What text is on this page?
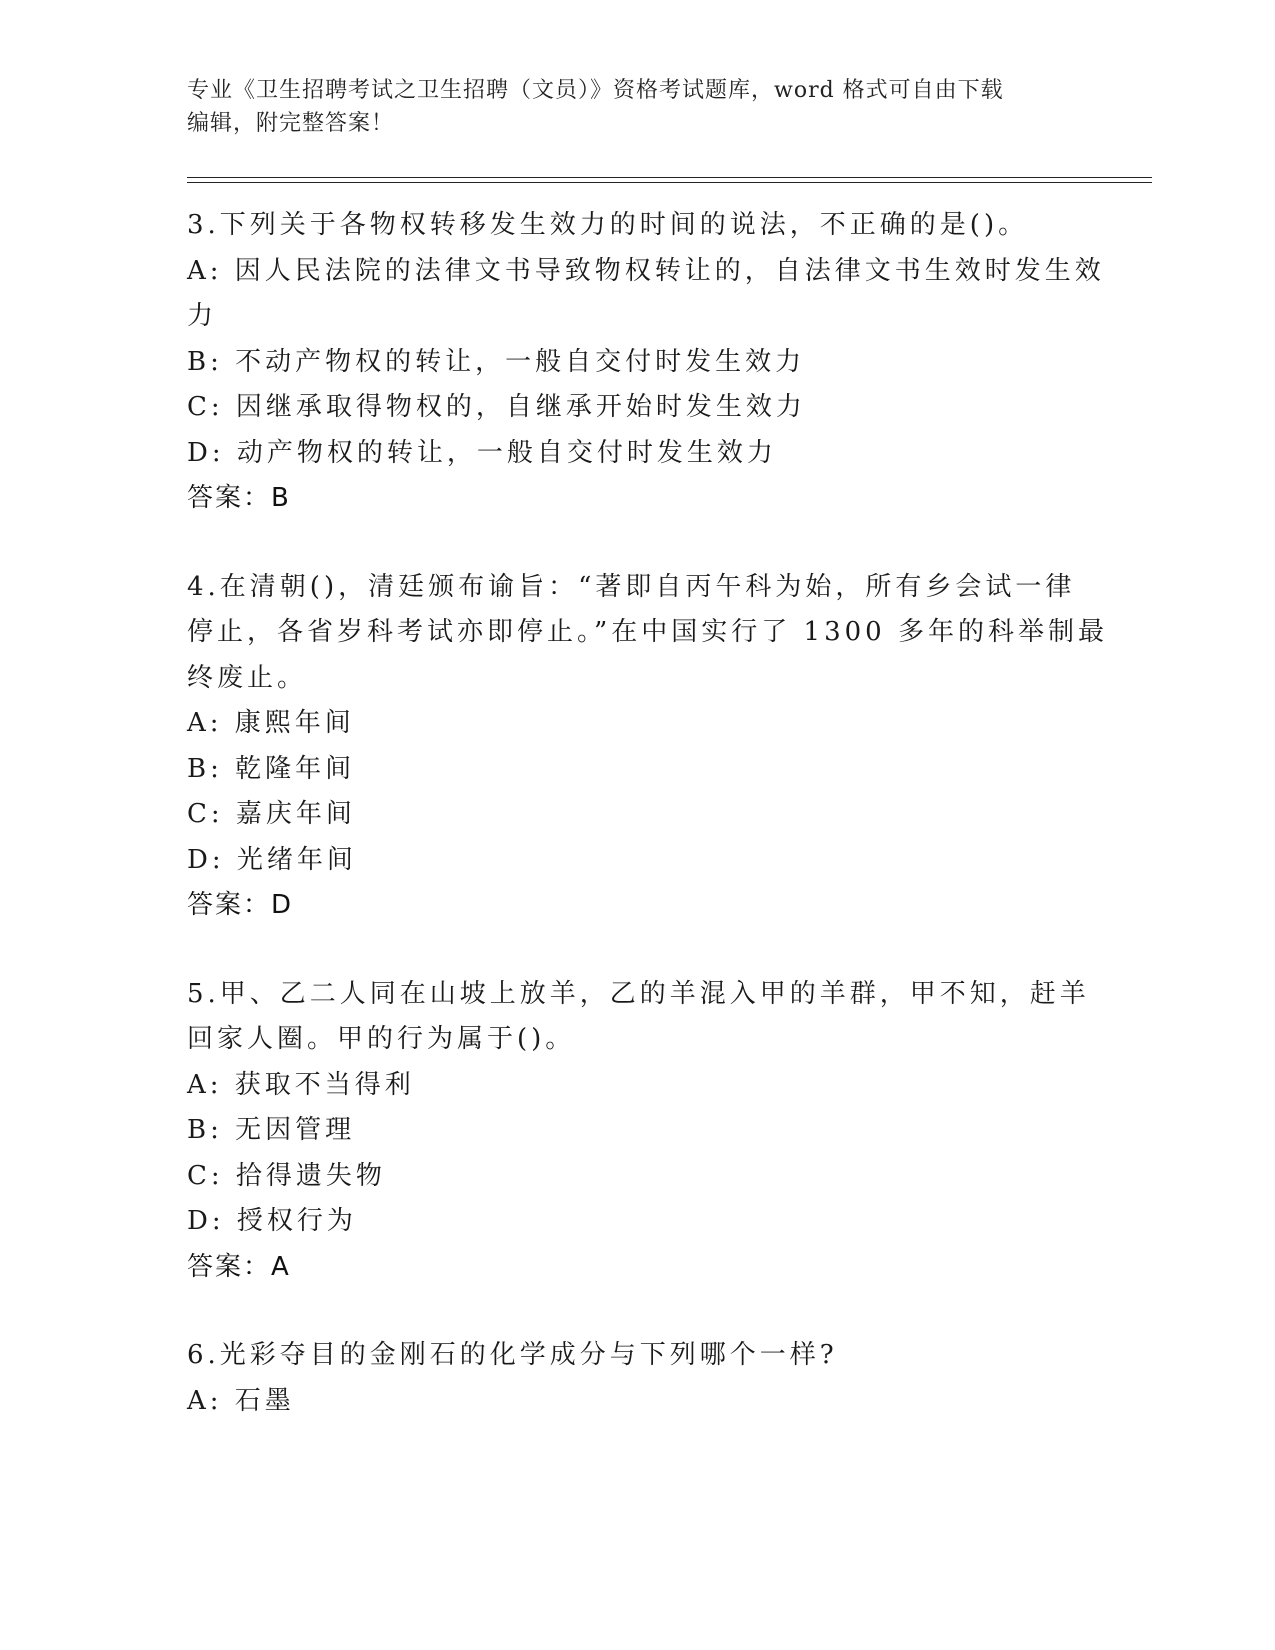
专业《卫生招聘考试之卫生招聘（文员）》资格考试题库，word 格式可自由下载
编辑，附完整答案！
3.下列关于各物权转移发生效力的时间的说法，不正确的是()。
A: 因人民法院的法律文书导致物权转让的，自法律文书生效时发生效
力
B: 不动产物权的转让，一般自交付时发生效力
C: 因继承取得物权的，自继承开始时发生效力
D: 动产物权的转让，一般自交付时发生效力
答案：B
4.在清朝()，清廷颁布谕旨：“著即自丙午科为始，所有乡会试一律
停止，各省岁科考试亦即停止。”在中国实行了 1300 多年的科举制最
终废止。
A: 康熙年间
B: 乾隆年间
C: 嘉庆年间
D: 光绪年间
答案：D
5.甲、乙二人同在山坡上放羊，乙的羊混入甲的羊群，甲不知，赶羊
回家人圈。甲的行为属于()。
A: 获取不当得利
B: 无因管理
C: 拾得遗失物
D: 授权行为
答案：A
6.光彩夺目的金刚石的化学成分与下列哪个一样?
A: 石墨
